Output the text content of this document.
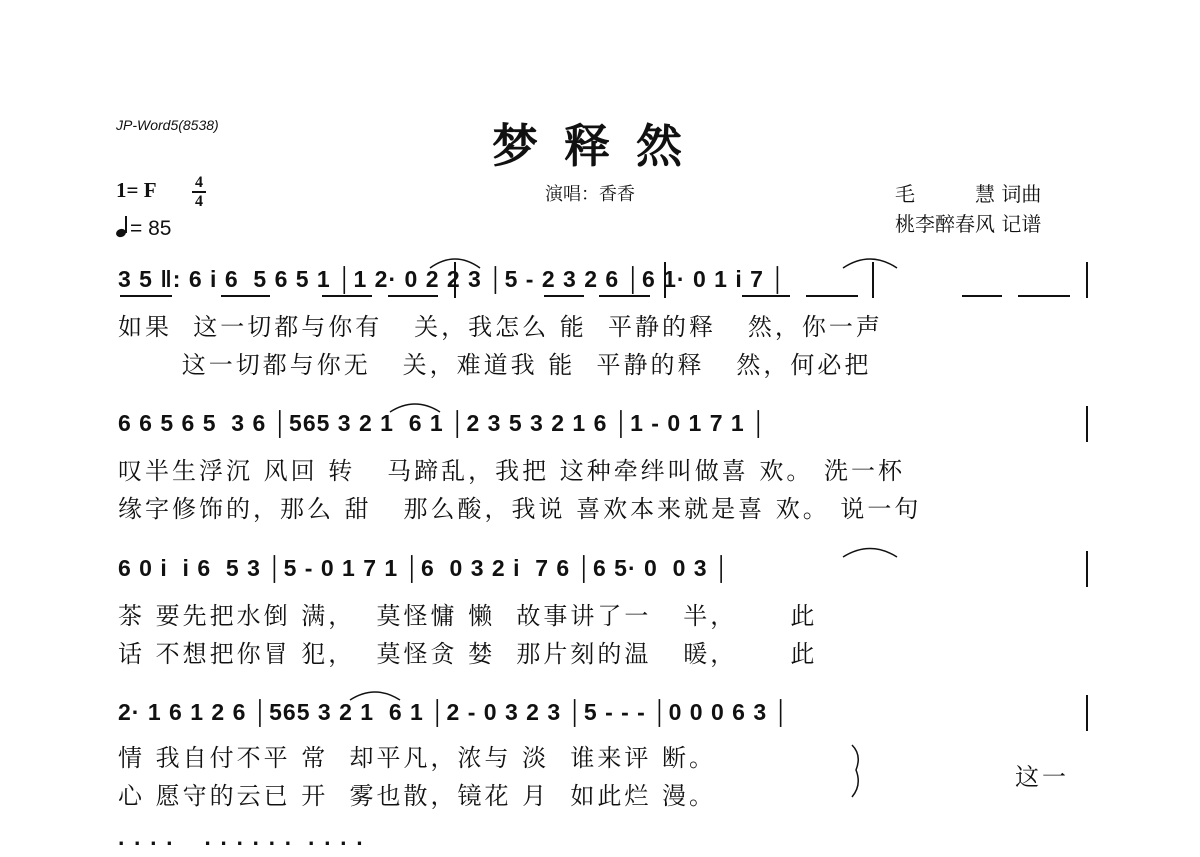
JP-Word5(8538)	梦释然
演唱：香香
1= F	4
4
= 85
毛　　　慧 词曲
桃李醉春风 记谱
3 5 ‖: 6 i 6  5 6 5 1 │1 2· 0 2 2 3 │5 - 2 3 2 6 │6 1· 0 1 i 7 │
如果  这一切都与你有   关，我怎么 能  平静的释   然，你一声
这一切都与你无   关，难道我 能  平静的释   然，何必把
6 6 5 6 5  3 6 │565 3 2 1  6 1 │2 3 5 3 2 1 6 │1 - 0 1 7 1 │
叹半生浮沉 风回 转   马蹄乱，我把 这种牵绊叫做喜 欢。 洗一杯
缘字修饰的，那么 甜   那么酸，我说 喜欢本来就是喜 欢。 说一句
6 0 i  i 6  5 3 │5 - 0 1 7 1 │6  0 3 2 i  7 6 │6 5· 0  0 3 │
茶 要先把水倒 满，  莫怪慵 懒  故事讲了一   半，     此
话 不想把你冒 犯，  莫怪贪 婪  那片刻的温   暖，     此
2· 1 6 1 2 6 │565 3 2 1  6 1 │2 - 0 3 2 3 │5 - - - │0 0 0 6 3 │
情 我自付不平 常  却平凡，浓与 淡  谁来评 断。
心 愿守的云已 开  雾也散，镜花 月  如此烂 漫。
这一
· · · ·    · · · · · ·  · · · ·
